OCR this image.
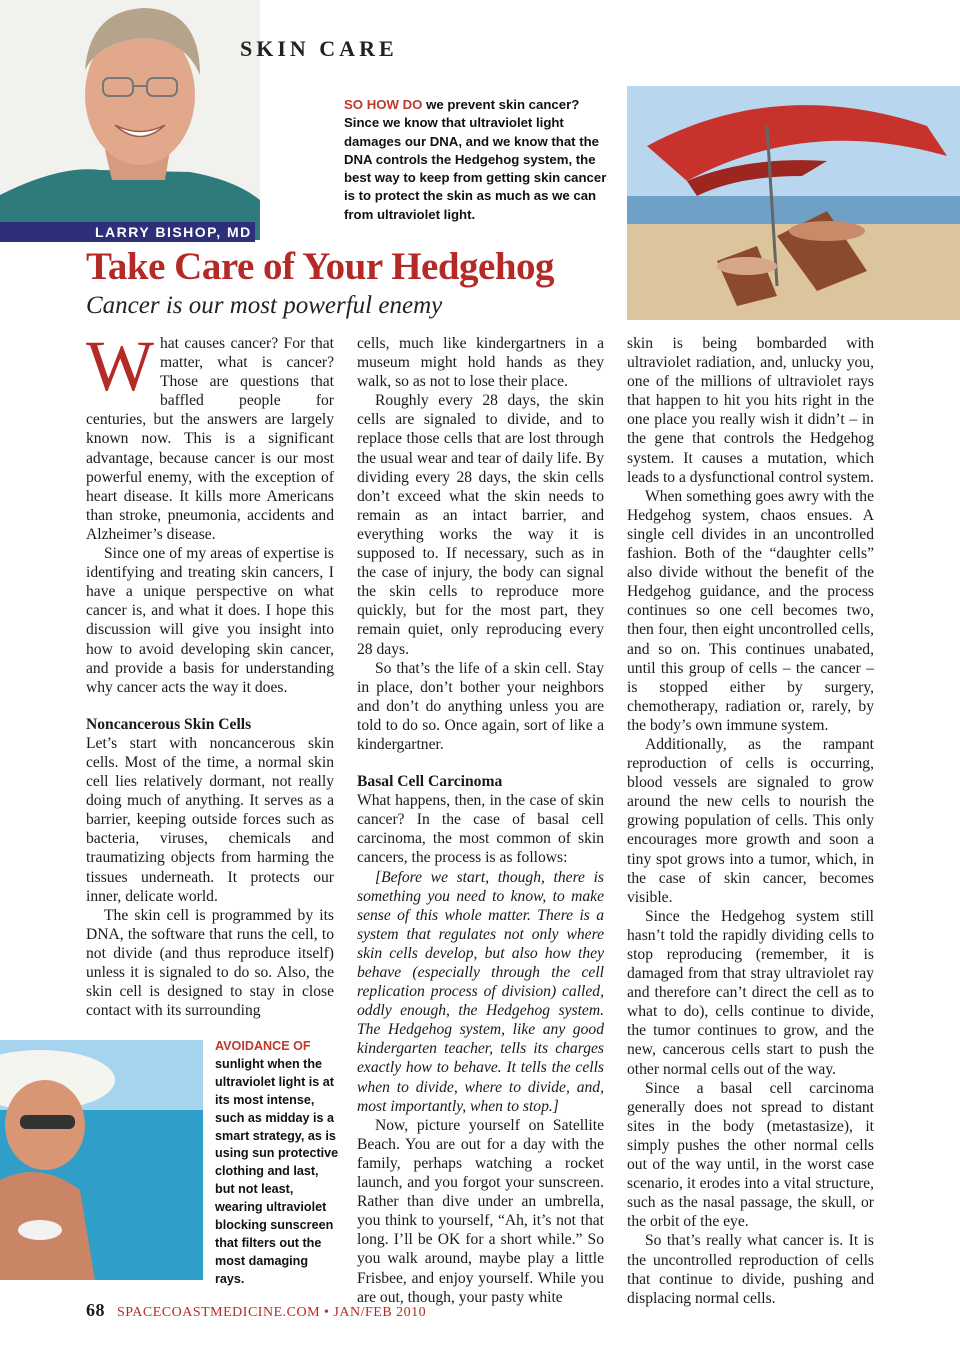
LARRY BISHOP, MD
SKIN CARE
SO HOW DO we prevent skin cancer? Since we know that ultraviolet light damages our DNA, and we know that the DNA controls the Hedgehog system, the best way to keep from getting skin cancer is to protect the skin as much as we can from ultraviolet light.
Take Care of Your Hedgehog
Cancer is our most powerful enemy

What causes cancer? For that matter, what is cancer? Those are questions that baffled people for centuries, but the answers are largely known now. This is a significant advantage, because cancer is our most powerful enemy, with the exception of heart disease. It kills more Americans than stroke, pneumonia, accidents and Alzheimer’s disease.

Since one of my areas of expertise is identifying and treating skin cancers, I have a unique perspective on what cancer is, and what it does. I hope this discussion will give you insight into how to avoid developing skin cancer, and provide a basis for understanding why cancer acts the way it does.

Noncancerous Skin Cells

Let’s start with noncancerous skin cells. Most of the time, a normal skin cell lies relatively dormant, not really doing much of anything. It serves as a barrier, keeping outside forces such as bacteria, viruses, chemicals and traumatizing objects from harming the tissues underneath. It protects our inner, delicate world.

The skin cell is programmed by its DNA, the software that runs the cell, to not divide (and thus reproduce itself) unless it is signaled to do so. Also, the skin cell is designed to stay in close contact with its surrounding

cells, much like kindergartners in a museum might hold hands as they walk, so as not to lose their place.

Roughly every 28 days, the skin cells are signaled to divide, and to replace those cells that are lost through the usual wear and tear of daily life. By dividing every 28 days, the skin cells don’t exceed what the skin needs to remain as an intact barrier, and everything works the way it is supposed to. If necessary, such as in the case of injury, the body can signal the skin cells to reproduce more quickly, but for the most part, they remain quiet, only reproducing every 28 days.

So that’s the life of a skin cell. Stay in place, don’t bother your neighbors and don’t do anything unless you are told to do so. Once again, sort of like a kindergartner.

Basal Cell Carcinoma

What happens, then, in the case of skin cancer? In the case of basal cell carcinoma, the most common of skin cancers, the process is as follows:

[Before we start, though, there is something you need to know, to make sense of this whole matter. There is a system that regulates not only where skin cells develop, but also how they behave (especially through the cell replication process of division) called, oddly enough, the Hedgehog system. The Hedgehog system, like any good kindergarten teacher, tells its charges exactly how to behave. It tells the cells when to divide, where to divide, and, most importantly, when to stop.]

Now, picture yourself on Satellite Beach. You are out for a day with the family, perhaps watching a rocket launch, and you forgot your sunscreen. Rather than dive under an umbrella, you think to yourself, “Ah, it’s not that long. I’ll be OK for a short while.” So you walk around, maybe play a little Frisbee, and enjoy yourself. While you are out, though, your pasty white

skin is being bombarded with ultraviolet radiation, and, unlucky you, one of the millions of ultraviolet rays that happen to hit you hits right in the one place you really wish it didn’t – in the gene that controls the Hedgehog system. It causes a mutation, which leads to a dysfunctional control system.

When something goes awry with the Hedgehog system, chaos ensues. A single cell divides in an uncontrolled fashion. Both of the “daughter cells” also divide without the benefit of the Hedgehog guidance, and the process continues so one cell becomes two, then four, then eight uncontrolled cells, and so on. This continues unabated, until this group of cells – the cancer – is stopped either by surgery, chemotherapy, radiation or, rarely, by the body’s own immune system.

Additionally, as the rampant reproduction of cells is occurring, blood vessels are signaled to grow around the new cells to nourish the growing population of cells. This only encourages more growth and soon a tiny spot grows into a tumor, which, in the case of skin cancer, becomes visible.

Since the Hedgehog system still hasn’t told the rapidly dividing cells to stop reproducing (remember, it is damaged from that stray ultraviolet ray and therefore can’t direct the cell as to what to do), cells continue to divide, the tumor continues to grow, and the new, cancerous cells start to push the other normal cells out of the way.

Since a basal cell carcinoma generally does not spread to distant sites in the body (metastasize), it simply pushes the other normal cells out of the way until, in the worst case scenario, it erodes into a vital structure, such as the nasal passage, the skull, or the orbit of the eye.

So that’s really what cancer is. It is the uncontrolled reproduction of cells that continue to divide, pushing and displacing normal cells.

AVOIDANCE OF sunlight when the ultraviolet light is at its most intense, such as midday is a smart strategy, as is using sun protective clothing and last, but not least, wearing ultraviolet blocking sunscreen that filters out the most damaging rays.
68 SPACECOASTMEDICINE.COM • JAN/FEB 2010
